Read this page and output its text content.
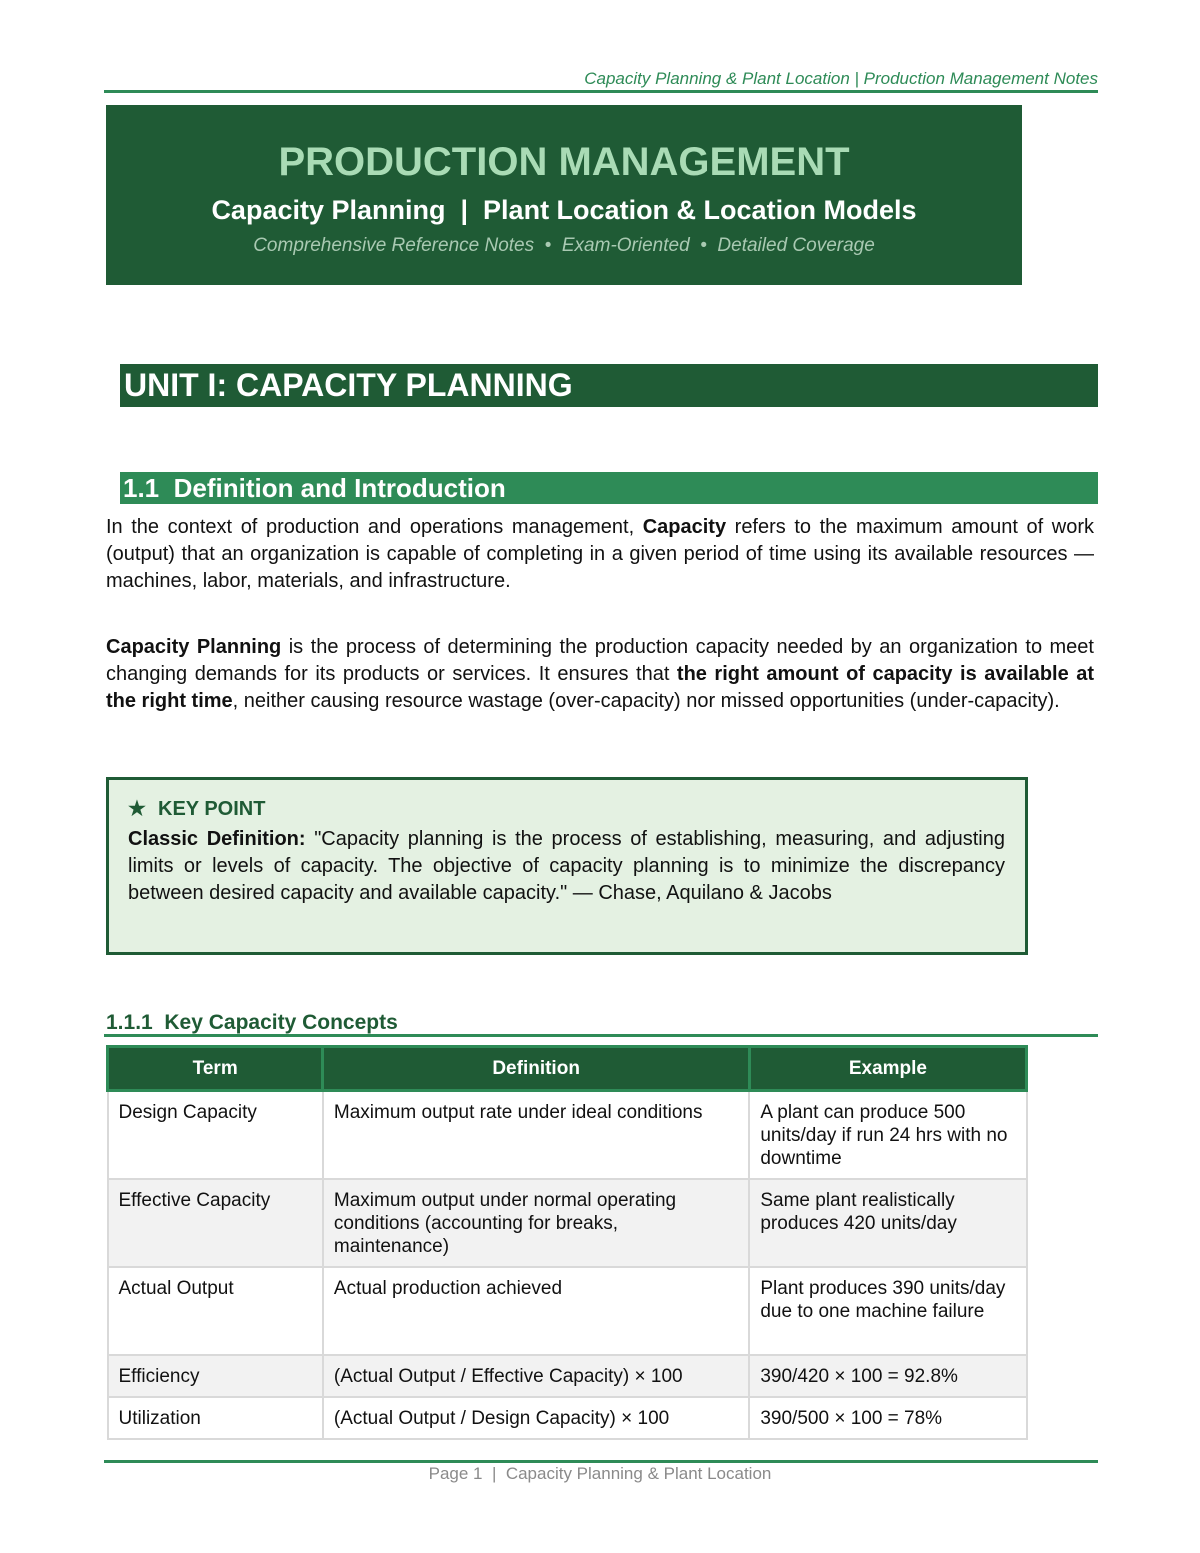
Capacity Planning & Plant Location | Production Management Notes
PRODUCTION MANAGEMENT
Capacity Planning  |  Plant Location & Location Models
Comprehensive Reference Notes  •  Exam-Oriented  •  Detailed Coverage
UNIT I: CAPACITY PLANNING
1.1  Definition and Introduction
In the context of production and operations management, Capacity refers to the maximum amount of work (output) that an organization is capable of completing in a given period of time using its available resources — machines, labor, materials, and infrastructure.
Capacity Planning is the process of determining the production capacity needed by an organization to meet changing demands for its products or services. It ensures that the right amount of capacity is available at the right time, neither causing resource wastage (over-capacity) nor missed opportunities (under-capacity).
★ KEY POINT
Classic Definition: "Capacity planning is the process of establishing, measuring, and adjusting limits or levels of capacity. The objective of capacity planning is to minimize the discrepancy between desired capacity and available capacity." — Chase, Aquilano & Jacobs
1.1.1  Key Capacity Concepts
Term	Definition	Example
Design Capacity	Maximum output rate under ideal conditions	A plant can produce 500 units/day if run 24 hrs with no downtime
Effective Capacity	Maximum output under normal operating conditions (accounting for breaks, maintenance)	Same plant realistically produces 420 units/day
Actual Output	Actual production achieved	Plant produces 390 units/day due to one machine failure
Efficiency	(Actual Output / Effective Capacity) × 100	390/420 × 100 = 92.8%
Utilization	(Actual Output / Design Capacity) × 100	390/500 × 100 = 78%
Page 1  |  Capacity Planning & Plant Location
